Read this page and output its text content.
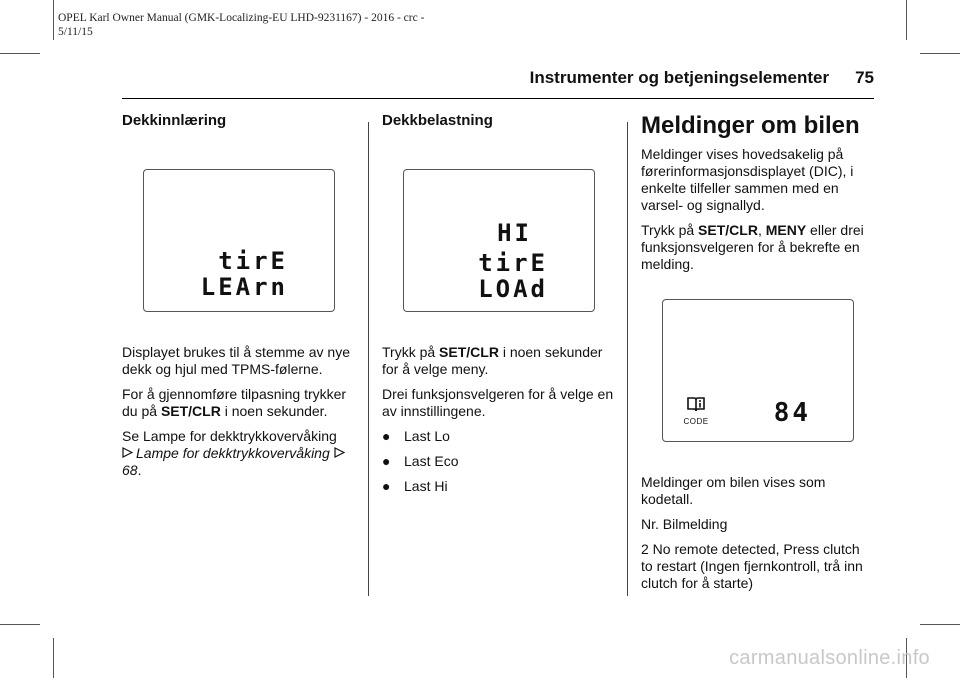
OPEL Karl Owner Manual (GMK-Localizing-EU LHD-9231167) - 2016 - crc -
5/11/15
Instrumenter og betjeningselementer 75
Dekkinnlæring
tirE
LEArn

Displayet brukes til å stemme av nye dekk og hjul med TPMS-følerne.

For å gjennomføre tilpasning trykker du på SET/CLR i noen sekunder.

Se Lampe for dekktrykkovervåking
Lampe for dekktrykkovervåking 68.

Dekkbelastning
HI
tirE
LOAd

Trykk på SET/CLR i noen sekunder for å velge meny.

Drei funksjonsvelgeren for å velge en av innstillingene.

● Last Lo
● Last Eco
● Last Hi
Meldinger om bilen

Meldinger vises hovedsakelig på førerinformasjonsdisplayet (DIC), i enkelte tilfeller sammen med en varsel- og signallyd.

Trykk på SET/CLR, MENY eller drei funksjonsvelgeren for å bekrefte en melding.

CODE	84

Meldinger om bilen vises som kodetall.

Nr. Bilmelding

2 No remote detected, Press clutch to restart (Ingen fjernkontroll, trå inn clutch for å starte)

carmanualsonline.info
